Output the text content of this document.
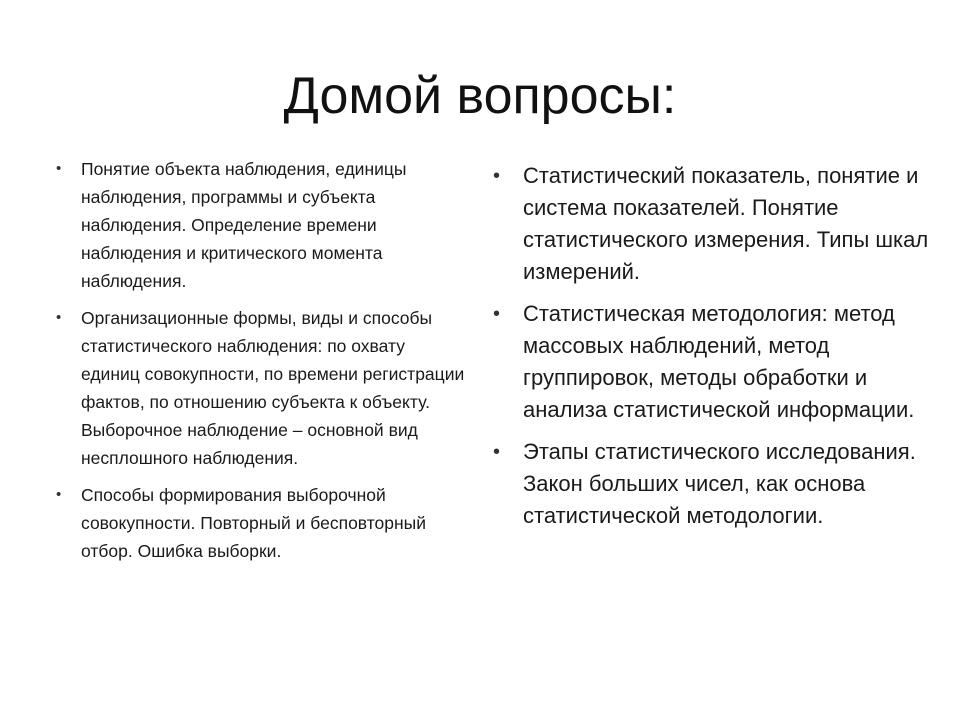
Домой вопросы:
• Понятие объекта наблюдения, единицы наблюдения, программы и субъекта наблюдения. Определение времени наблюдения и критического момента наблюдения.
• Организационные формы, виды и способы статистического наблюдения: по охвату единиц совокупности, по времени регистрации фактов, по отношению субъекта к объекту. Выборочное наблюдение – основной вид несплошного наблюдения.
• Способы формирования выборочной совокупности. Повторный и бесповторный отбор. Ошибка выборки.
• Статистический показатель, понятие и система показателей. Понятие статистического измерения. Типы шкал измерений.
• Статистическая методология: метод массовых наблюдений, метод группировок, методы обработки и анализа статистической информации.
• Этапы статистического исследования. Закон больших чисел, как основа статистической методологии.
